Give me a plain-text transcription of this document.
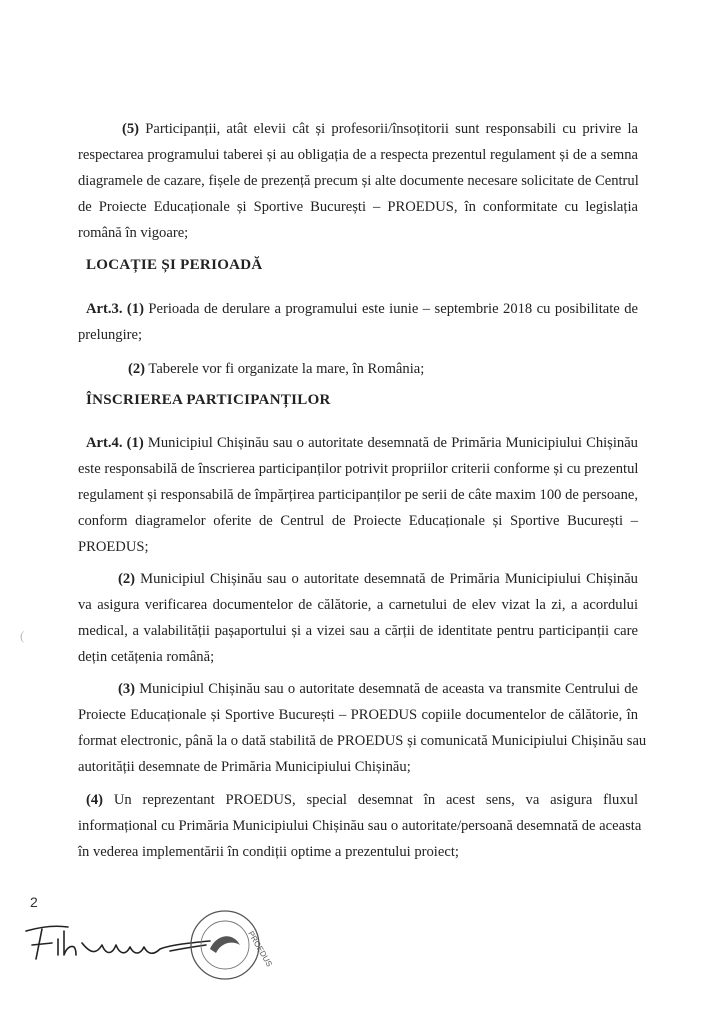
(5) Participanții, atât elevii cât și profesorii/însoțitorii sunt responsabili cu privire la
respectarea programului taberei și au obligația de a respecta prezentul regulament și de a semna
diagramele de cazare, fișele de prezență precum și alte documente necesare solicitate de Centrul
de Proiecte Educaționale și Sportive București – PROEDUS, în conformitate cu legislația
română în vigoare;
LOCAȚIE ȘI PERIOADĂ
Art.3. (1) Perioada de derulare a programului este iunie – septembrie 2018 cu posibilitate de
prelungire;
(2) Taberele vor fi organizate la mare, în România;
ÎNSCRIEREA PARTICIPANȚILOR
Art.4. (1) Municipiul Chișinău sau o autoritate desemnată de Primăria Municipiului Chișinău
este responsabilă de înscrierea participanților potrivit propriilor criterii conforme și cu prezentul
regulament și responsabilă de împărțirea participanților pe serii de câte maxim 100 de persoane,
conform diagramelor oferite de Centrul de Proiecte Educaționale și Sportive București –
PROEDUS;
(2) Municipiul Chișinău sau o autoritate desemnată de Primăria Municipiului Chișinău
va asigura verificarea documentelor de călătorie, a carnetului de elev vizat la zi, a acordului
medical, a valabilității pașaportului și a vizei sau a cărții de identitate pentru participanții care
dețin cetățenia română;
(3) Municipiul Chișinău sau o autoritate desemnată de aceasta va transmite Centrului de
Proiecte Educaționale și Sportive București – PROEDUS copiile documentelor de călătorie, în
format electronic, până la o dată stabilită de PROEDUS și comunicată Municipiului Chișinău sau
autorității desemnate de Primăria Municipiului Chișinău;
(4) Un reprezentant PROEDUS, special desemnat în acest sens, va asigura fluxul
informațional cu Primăria Municipiului Chișinău sau o autoritate/persoană desemnată de aceasta
în vederea implementării în condiții optime a prezentului proiect;
(
2
PROEDUS
